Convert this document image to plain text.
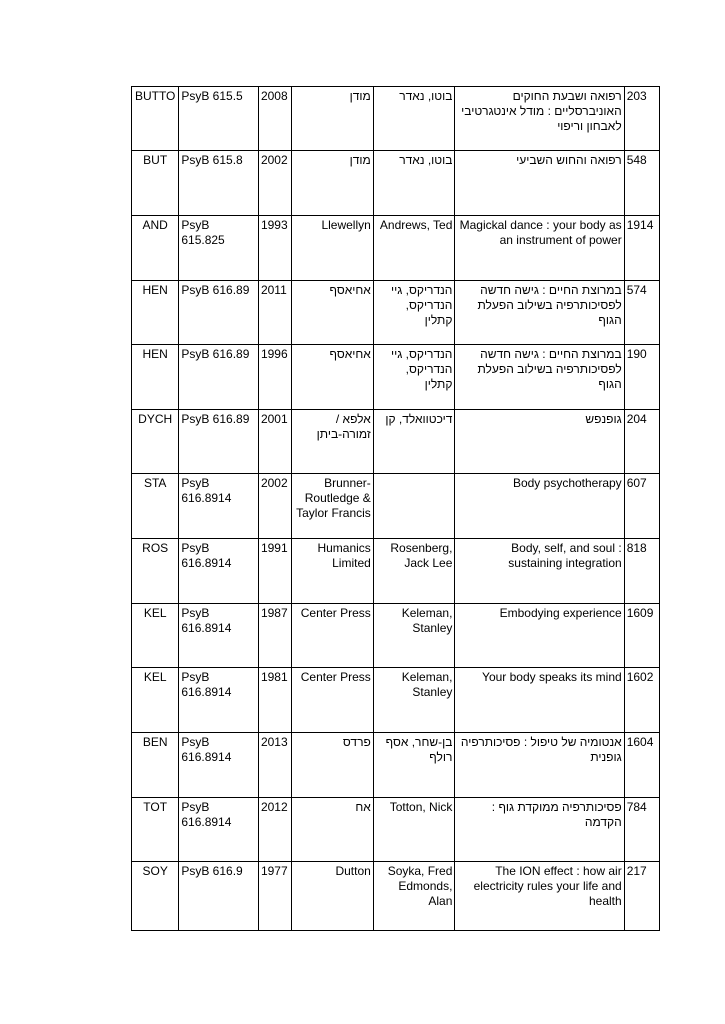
BUTTO	PsyB 615.5	2008	מודן	בוטו, נאדר	רפואה ושבעת החוקים האוניברסליים : מודל אינטגרטיבי לאבחון וריפוי	203
BUT	PsyB 615.8	2002	מודן	בוטו, נאדר	רפואה והחוש השביעי	548
AND	PsyB 615.825	1993	Llewellyn	Andrews, Ted	Magickal dance : your body as an instrument of power	1914
HEN	PsyB 616.89	2011	אחיאסף	הנדריקס, גיי הנדריקס, קתלין	במרוצת החיים : גישה חדשה לפסיכותרפיה בשילוב הפעלת הגוף	574
HEN	PsyB 616.89	1996	אחיאסף	הנדריקס, גיי הנדריקס, קתלין	במרוצת החיים : גישה חדשה לפסיכותרפיה בשילוב הפעלת הגוף	190
DYCH	PsyB 616.89	2001	אלפא / זמורה-ביתן	דיכטוואלד, קן	גופנפש	204
STA	PsyB 616.8914	2002	Brunner-Routledge & Taylor Francis		Body psychotherapy	607
ROS	PsyB 616.8914	1991	Humanics Limited	Rosenberg, Jack Lee	Body, self, and soul : sustaining integration	818
KEL	PsyB 616.8914	1987	Center Press	Keleman, Stanley	Embodying experience	1609
KEL	PsyB 616.8914	1981	Center Press	Keleman, Stanley	Your body speaks its mind	1602
BEN	PsyB 616.8914	2013	פרדס	בן-שחר, אסף רולף	אנטומיה של טיפול : פסיכותרפיה גופנית	1604
TOT	PsyB 616.8914	2012	אח	Totton, Nick	פסיכותרפיה ממוקדת גוף : הקדמה	784
SOY	PsyB 616.9	1977	Dutton	Soyka, Fred Edmonds, Alan	The ION effect : how air electricity rules your life and health	217
